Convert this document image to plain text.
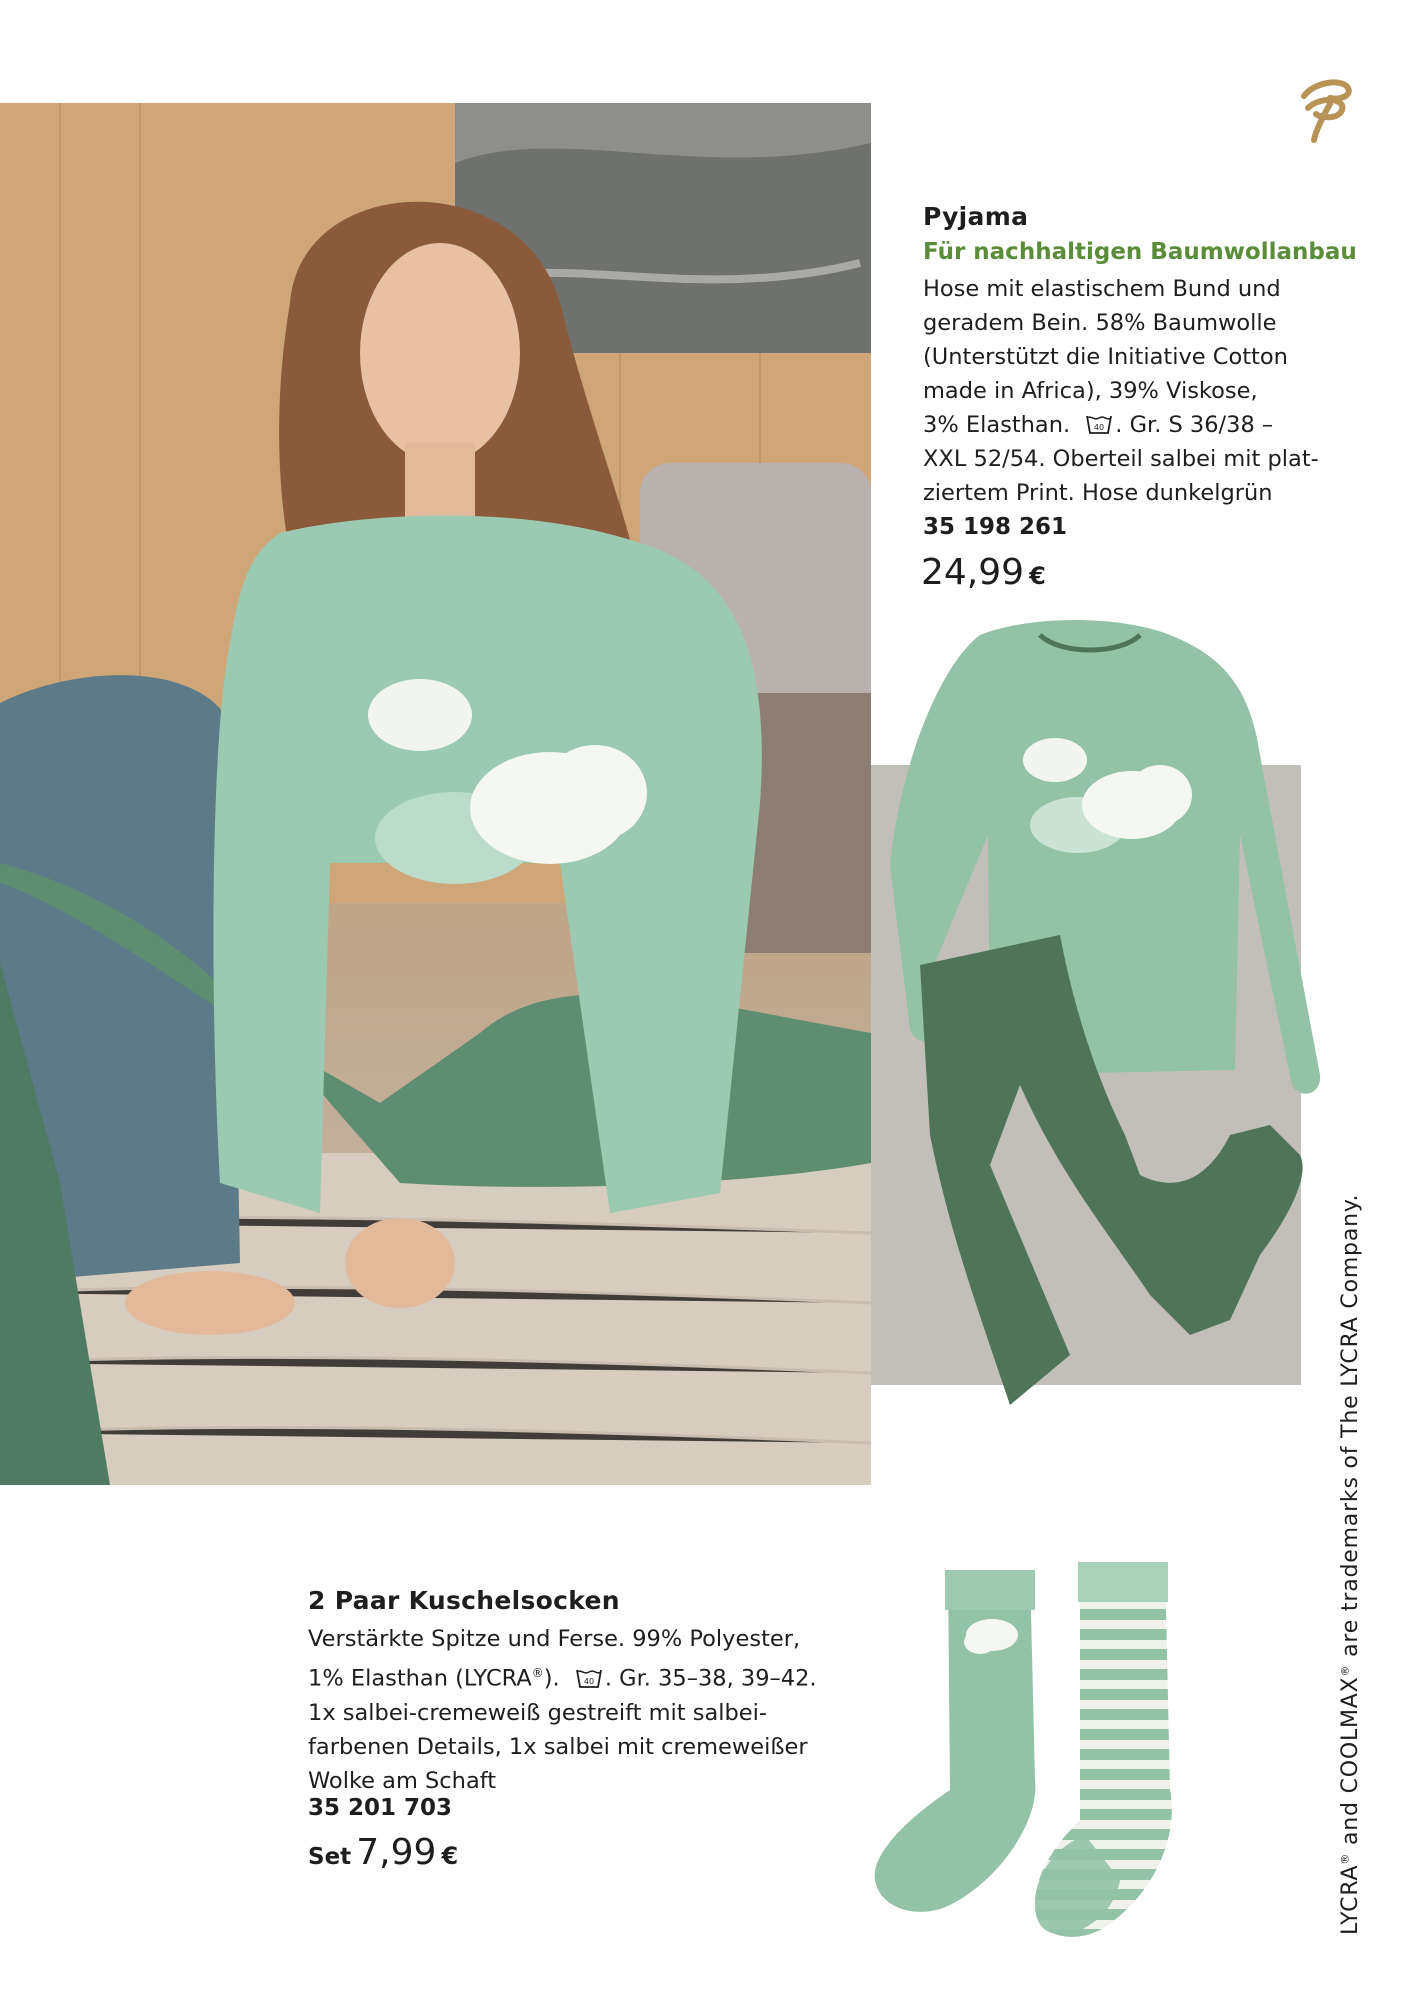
Pyjama
Für nachhaltigen Baumwollanbau
Hose mit elastischem Bund und
geradem Bein. 58% Baumwolle
(Unterstützt die Initiative Cotton
made in Africa), 39% Viskose,
3% Elasthan.	40 . Gr. S 36/38 –
XXL 52/54. Oberteil salbei mit plat-
ziertem Print. Hose dunkelgrün
35 198 261
24,99 €
2 Paar Kuschelsocken
Verstärkte Spitze und Ferse. 99% Polyester,
1% Elasthan (LYCRA®).	40 . Gr. 35–38, 39–42.
1x salbei-cremeweiß gestreift mit salbei-
farbenen Details, 1x salbei mit cremeweißer
Wolke am Schaft
35 201 703
Set 7,99 €
LYCRA® and COOLMAX® are trademarks of The LYCRA Company.
